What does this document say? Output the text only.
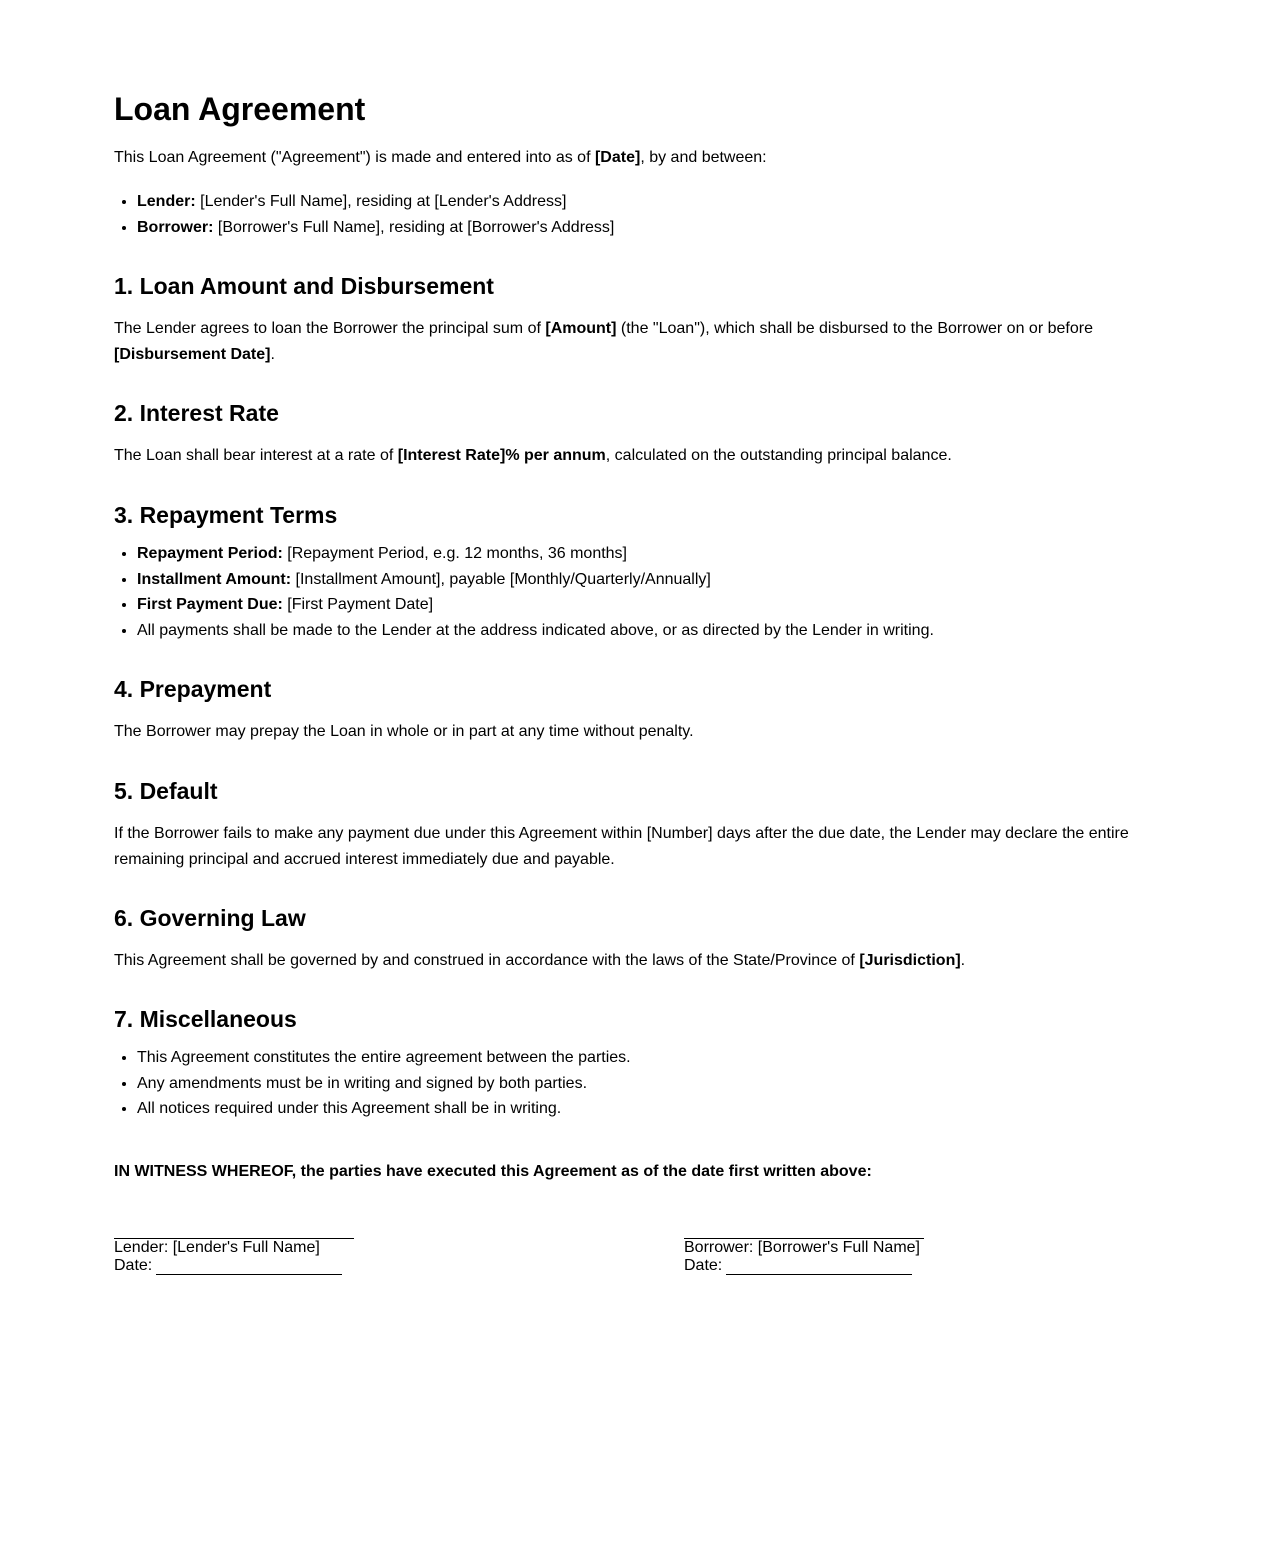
Loan Agreement

This Loan Agreement ("Agreement") is made and entered into as of [Date], by and between:

• Lender: [Lender's Full Name], residing at [Lender's Address]
• Borrower: [Borrower's Full Name], residing at [Borrower's Address]
1. Loan Amount and Disbursement

The Lender agrees to loan the Borrower the principal sum of [Amount] (the "Loan"), which shall be disbursed to the Borrower on or before [Disbursement Date].

2. Interest Rate

The Loan shall bear interest at a rate of [Interest Rate]% per annum, calculated on the outstanding principal balance.

3. Repayment Terms
• Repayment Period: [Repayment Period, e.g. 12 months, 36 months]
• Installment Amount: [Installment Amount], payable [Monthly/Quarterly/Annually]
• First Payment Due: [First Payment Date]
• All payments shall be made to the Lender at the address indicated above, or as directed by the Lender in writing.
4. Prepayment

The Borrower may prepay the Loan in whole or in part at any time without penalty.

5. Default

If the Borrower fails to make any payment due under this Agreement within [Number] days after the due date, the Lender may declare the entire remaining principal and accrued interest immediately due and payable.

6. Governing Law

This Agreement shall be governed by and construed in accordance with the laws of the State/Province of [Jurisdiction].

7. Miscellaneous
• This Agreement constitutes the entire agreement between the parties.
• Any amendments must be in writing and signed by both parties.
• All notices required under this Agreement shall be in writing.

IN WITNESS WHEREOF, the parties have executed this Agreement as of the date first written above:

Lender: [Lender's Full Name]
Date:
Borrower: [Borrower's Full Name]
Date:
